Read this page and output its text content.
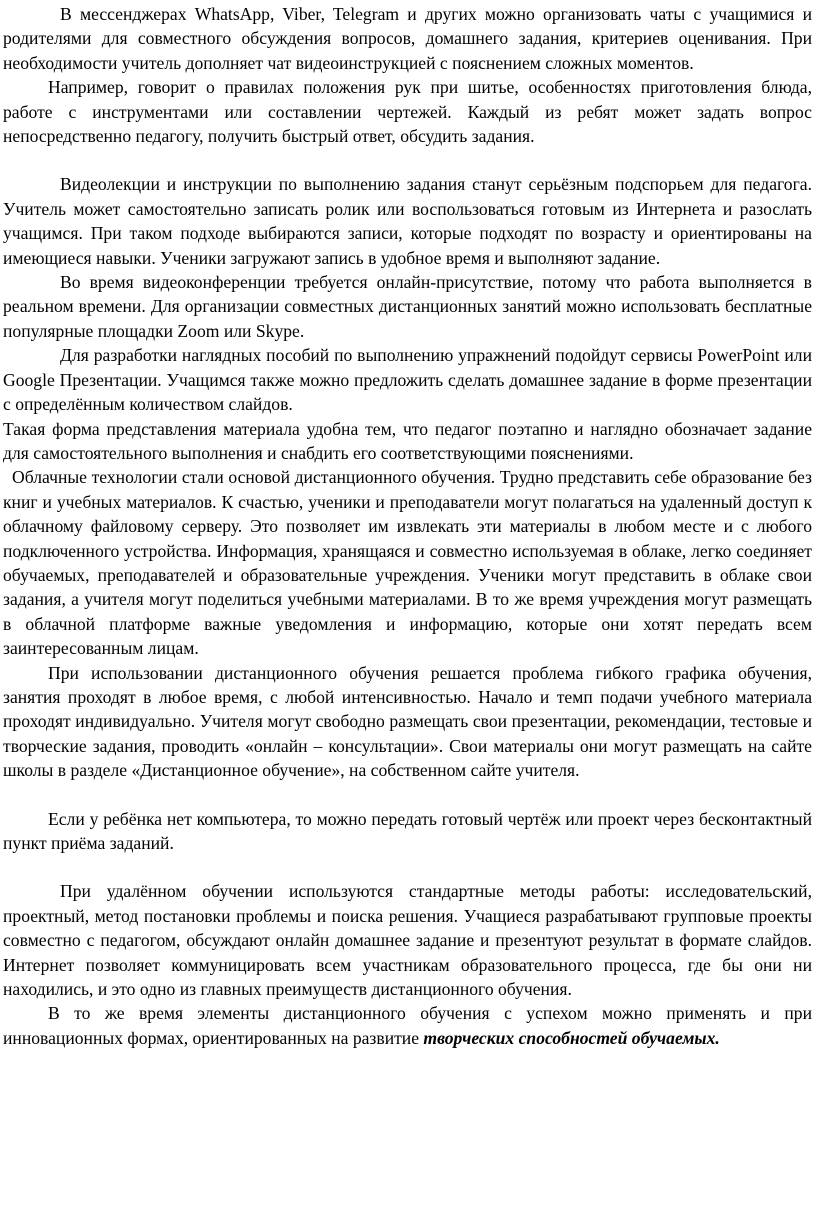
В мессенджерах WhatsApp, Viber, Telegram и других можно организовать чаты с учащимися и родителями для совместного обсуждения вопросов, домашнего задания, критериев оценивания. При необходимости учитель дополняет чат видеоинструкцией с пояснением сложных моментов.

Например, говорит о правилах положения рук при шитье, особенностях приготовления блюда, работе с инструментами или составлении чертежей. Каждый из ребят может задать вопрос непосредственно педагогу, получить быстрый ответ, обсудить задания.

Видеолекции и инструкции по выполнению задания станут серьёзным подспорьем для педагога. Учитель может самостоятельно записать ролик или воспользоваться готовым из Интернета и разослать учащимся. При таком подходе выбираются записи, которые подходят по возрасту и ориентированы на имеющиеся навыки. Ученики загружают запись в удобное время и выполняют задание.

Во время видеоконференции требуется онлайн-присутствие, потому что работа выполняется в реальном времени. Для организации совместных дистанционных занятий можно использовать бесплатные популярные площадки Zoom или Skype.

Для разработки наглядных пособий по выполнению упражнений подойдут сервисы PowerPoint или Google Презентации. Учащимся также можно предложить сделать домашнее задание в форме презентации с определённым количеством слайдов.

Такая форма представления материала удобна тем, что педагог поэтапно и наглядно обозначает задание для самостоятельного выполнения и снабдить его соответствующими пояснениями.

Облачные технологии стали основой дистанционного обучения. Трудно представить себе образование без книг и учебных материалов. К счастью, ученики и преподаватели могут полагаться на удаленный доступ к облачному файловому серверу. Это позволяет им извлекать эти материалы в любом месте и с любого подключенного устройства. Информация, хранящаяся и совместно используемая в облаке, легко соединяет обучаемых, преподавателей и образовательные учреждения. Ученики могут представить в облаке свои задания, а учителя могут поделиться учебными материалами. В то же время учреждения могут размещать в облачной платформе важные уведомления и информацию, которые они хотят передать всем заинтересованным лицам.

При использовании дистанционного обучения решается проблема гибкого графика обучения, занятия проходят в любое время, с любой интенсивностью. Начало и темп подачи учебного материала проходят индивидуально. Учителя могут свободно размещать свои презентации, рекомендации, тестовые и творческие задания, проводить «онлайн – консультации». Свои материалы они могут размещать на сайте школы в разделе «Дистанционное обучение», на собственном сайте учителя.

Если у ребёнка нет компьютера, то можно передать готовый чертёж или проект через бесконтактный пункт приёма заданий.

При удалённом обучении используются стандартные методы работы: исследовательский, проектный, метод постановки проблемы и поиска решения. Учащиеся разрабатывают групповые проекты совместно с педагогом, обсуждают онлайн домашнее задание и презентуют результат в формате слайдов. Интернет позволяет коммуницировать всем участникам образовательного процесса, где бы они ни находились, и это одно из главных преимуществ дистанционного обучения.

В то же время элементы дистанционного обучения с успехом можно применять и при инновационных формах, ориентированных на развитие творческих способностей обучаемых.
